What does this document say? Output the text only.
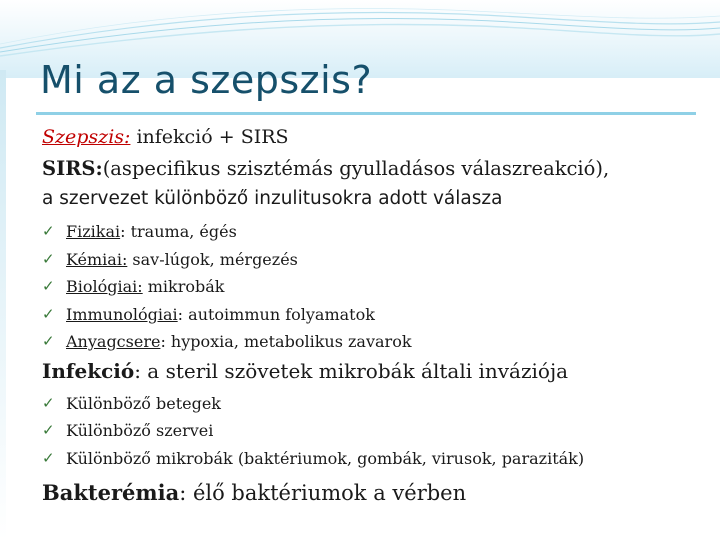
Mi az a szepszis?
Szepszis: infekció + SIRS
SIRS:(aspecifikus szisztémás gyulladásos válaszreakció),
a szervezet különböző inzulitusokra adott válasza
✓ Fizikai: trauma, égés
✓ Kémiai: sav-lúgok, mérgezés
✓ Biológiai: mikrobák
✓ Immunológiai: autoimmun folyamatok
✓ Anyagcsere: hypoxia, metabolikus zavarok
Infekció: a steril szövetek mikrobák általi inváziója
✓ Különböző betegek
✓ Különböző szervei
✓ Különböző mikrobák (baktériumok, gombák, virusok, paraziták)
Bakterémia: élő baktériumok a vérben
